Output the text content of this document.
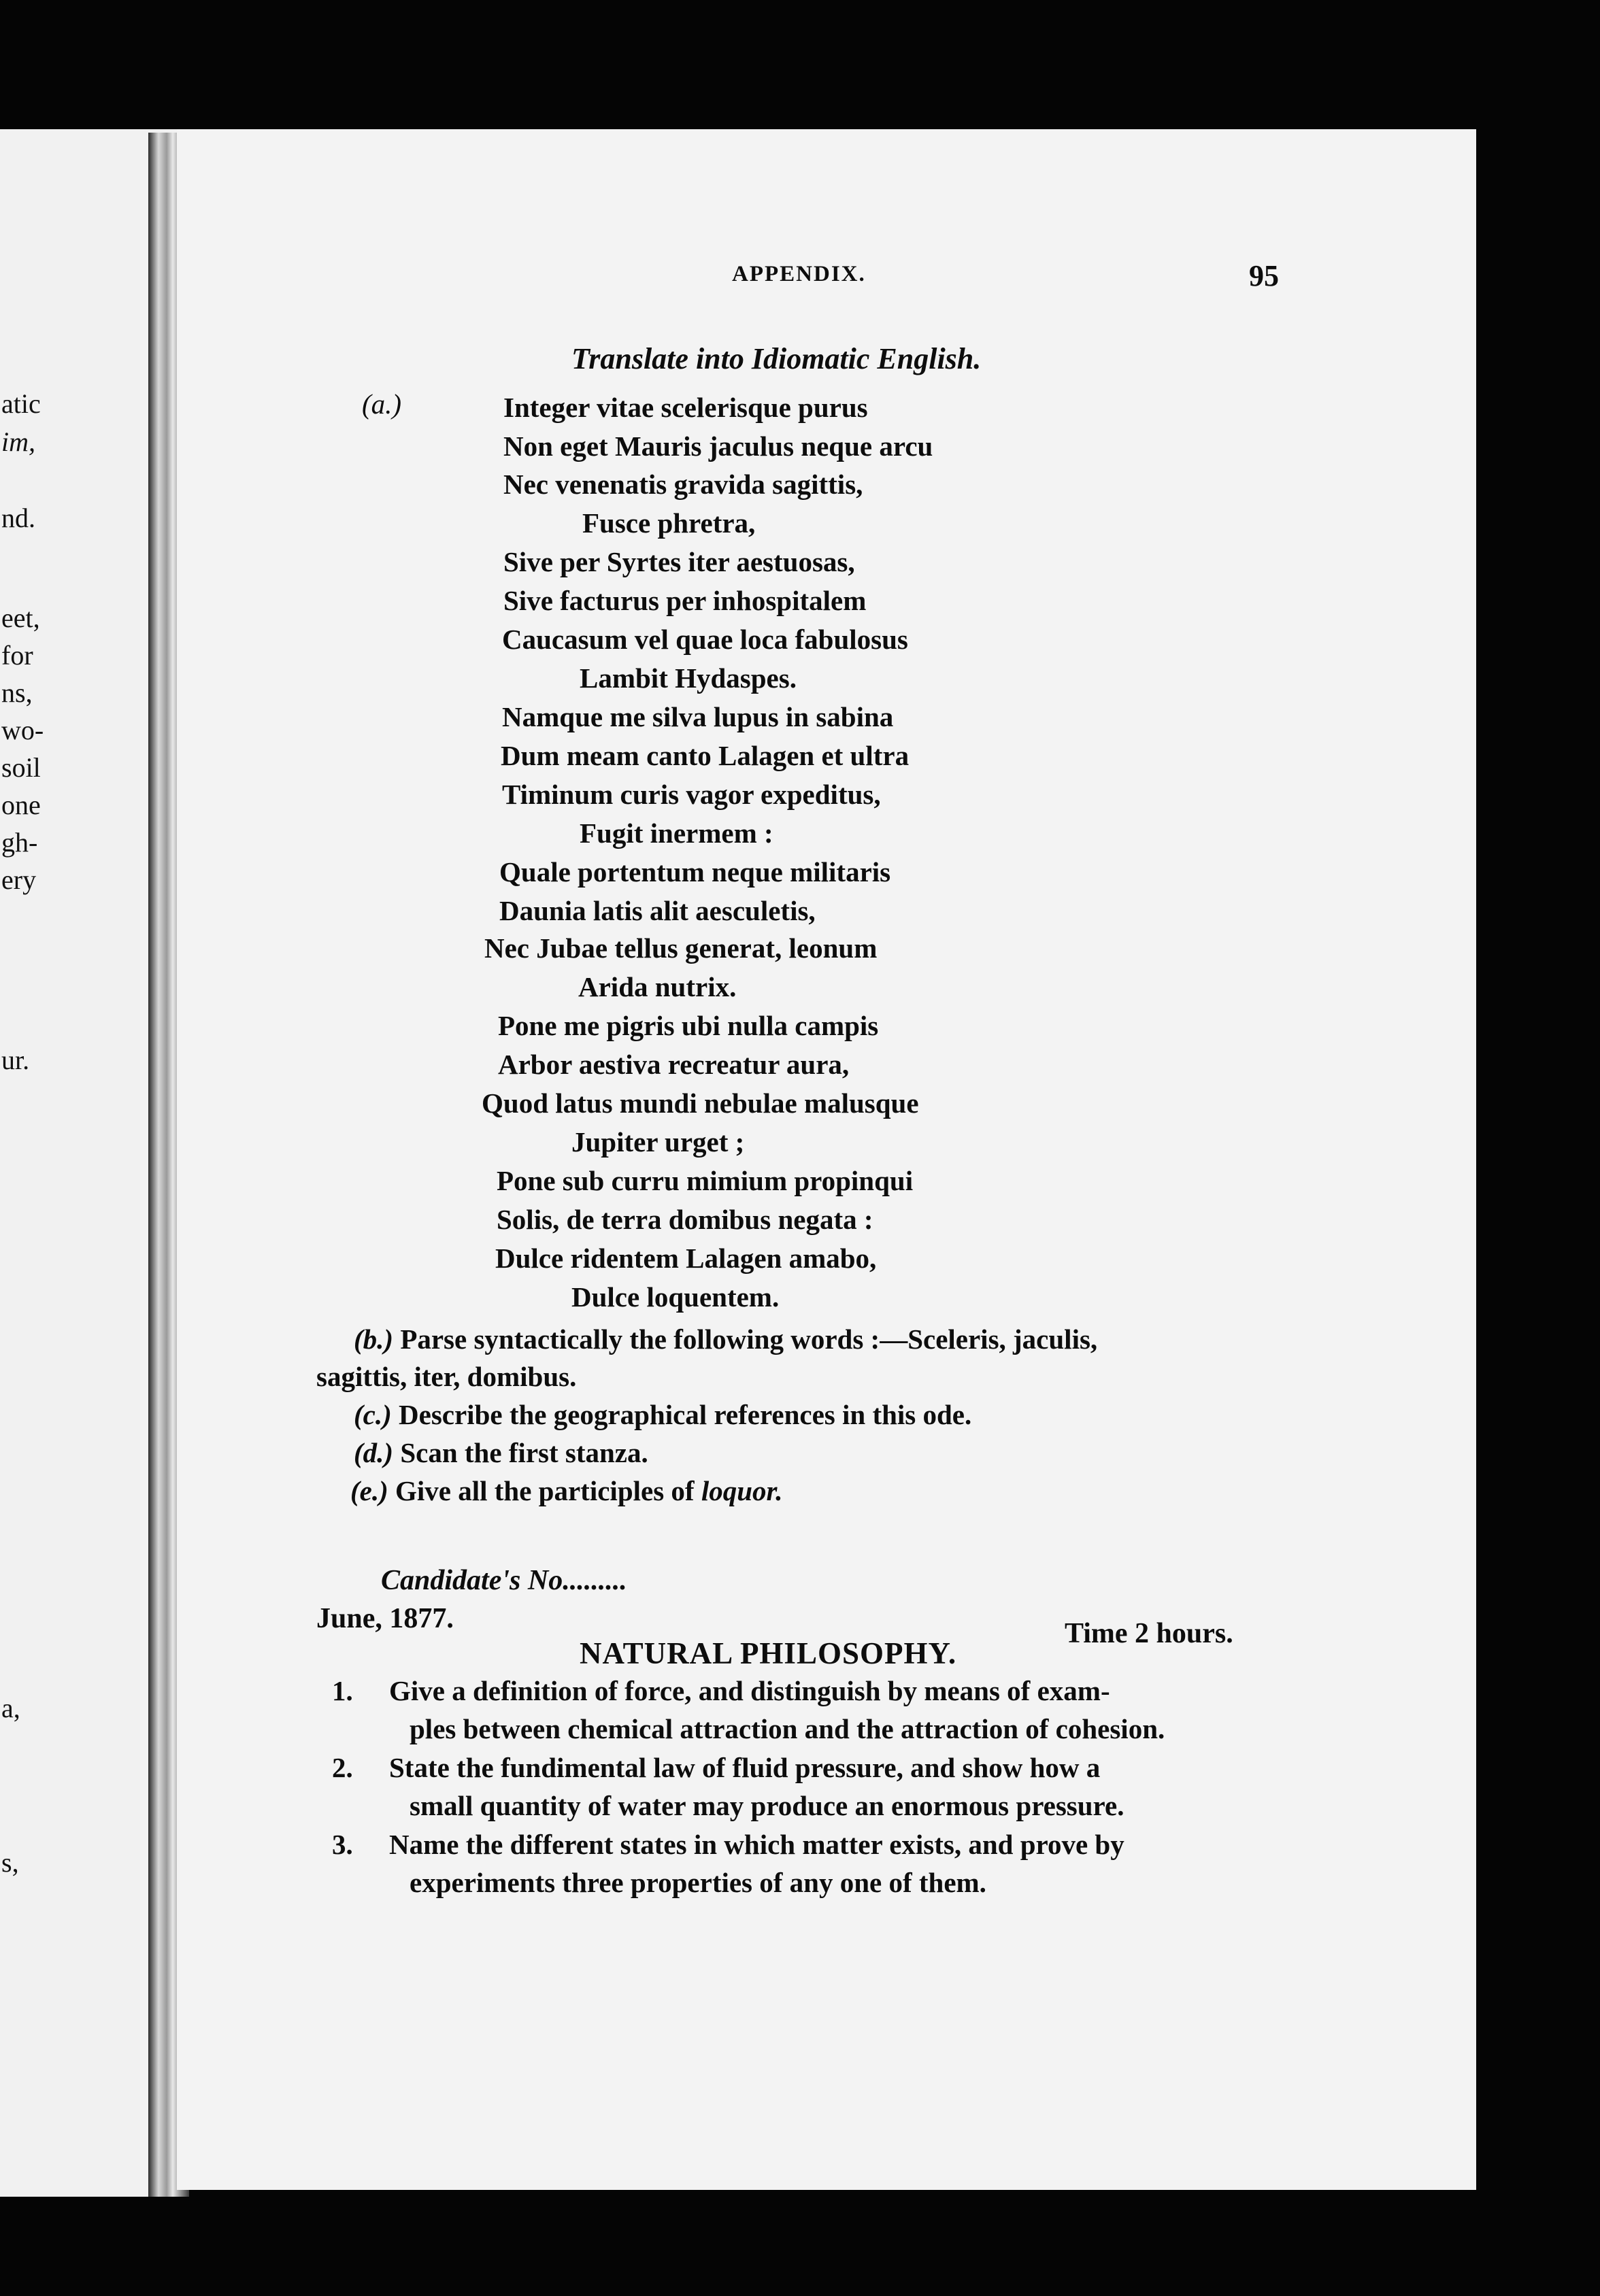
atic
im,
nd.
eet,
for
ns,
wo-
soil
one
gh-
ery
ur.
a,
s,
APPENDIX.	95
Translate into Idiomatic English.
(a.)	Integer vitae scelerisque purus
Non eget Mauris jaculus neque arcu
Nec venenatis gravida sagittis,
Fusce phretra,
Sive per Syrtes iter aestuosas,
Sive facturus per inhospitalem
Caucasum vel quae loca fabulosus
Lambit Hydaspes.
Namque me silva lupus in sabina
Dum meam canto Lalagen et ultra
Timinum curis vagor expeditus,
Fugit inermem :
Quale portentum neque militaris
Daunia latis alit aesculetis,
Nec Jubae tellus generat, leonum
Arida nutrix.
Pone me pigris ubi nulla campis
Arbor aestiva recreatur aura,
Quod latus mundi nebulae malusque
Jupiter urget ;
Pone sub curru mimium propinqui
Solis, de terra domibus negata :
Dulce ridentem Lalagen amabo,
Dulce loquentem.
(b.) Parse syntactically the following words :—Sceleris, jaculis,
sagittis, iter, domibus.
(c.) Describe the geographical references in this ode.
(d.) Scan the first stanza.
(e.) Give all the participles of loquor.
Candidate's No.........
June, 1877.	Time 2 hours.
NATURAL PHILOSOPHY.
1. Give a definition of force, and distinguish by means of exam-
ples between chemical attraction and the attraction of cohesion.
2. State the fundimental law of fluid pressure, and show how a
small quantity of water may produce an enormous pressure.
3. Name the different states in which matter exists, and prove by
experiments three properties of any one of them.
